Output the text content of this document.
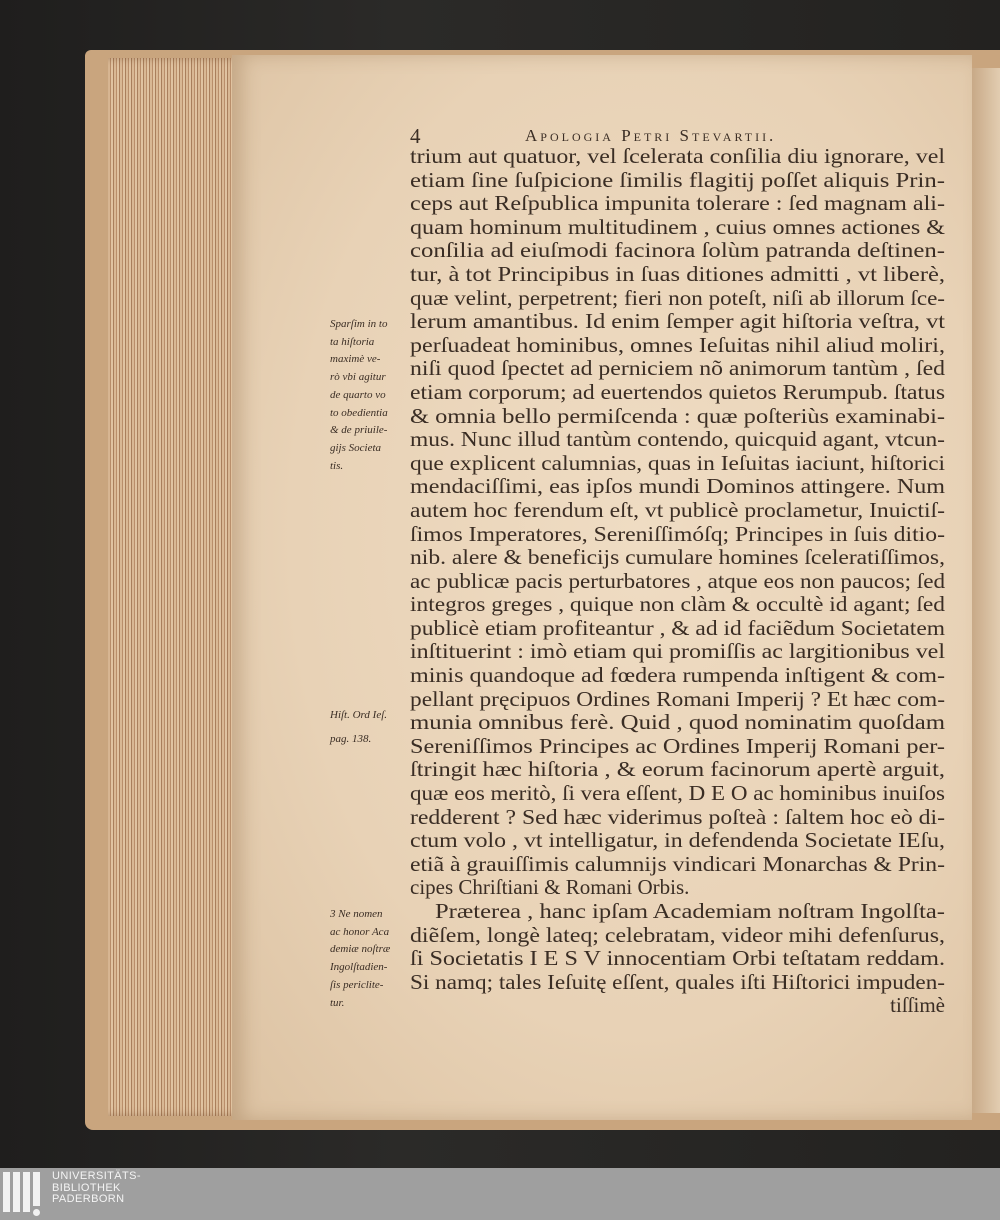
4	Apologia Petri Stevartii.
trium aut quatuor, vel ſcelerata conſilia diu ignorare, vel
etiam ſine ſuſpicione ſimilis flagitij poſſet aliquis Prin-
ceps aut Reſpublica impunita tolerare : ſed magnam ali-
quam hominum multitudinem , cuius omnes actiones &
conſilia ad eiuſmodi facinora ſolùm patranda deſtinen-
tur, à tot Principibus in ſuas ditiones admitti , vt liberè,
quæ velint, perpetrent; fieri non poteſt, niſi ab illorum ſce-
lerum amantibus. Id enim ſemper agit hiſtoria veſtra, vt
perſuadeat hominibus, omnes Ieſuitas nihil aliud moliri,
niſi quod ſpectet ad perniciem nõ animorum tantùm , ſed
etiam corporum; ad euertendos quietos Rerumpub. ſtatus
& omnia bello permiſcenda : quæ poſteriùs examinabi-
mus. Nunc illud tantùm contendo, quicquid agant, vtcun-
que explicent calumnias, quas in Ieſuitas iaciunt, hiſtorici
mendaciſſimi, eas ipſos mundi Dominos attingere. Num
autem hoc ferendum eſt, vt publicè proclametur, Inuictiſ-
ſimos Imperatores, Sereniſſimóſq; Principes in ſuis ditio-
nib. alere & beneficijs cumulare homines ſceleratiſſimos,
ac publicæ pacis perturbatores , atque eos non paucos; ſed
integros greges , quique non clàm & occultè id agant; ſed
publicè etiam profiteantur , & ad id faciẽdum Societatem
inſtituerint : imò etiam qui promiſſis ac largitionibus vel
minis quandoque ad fœdera rumpenda inſtigent & com-
pellant pręcipuos Ordines Romani Imperij ? Et hæc com-
munia omnibus ferè. Quid , quod nominatim quoſdam
Sereniſſimos Principes ac Ordines Imperij Romani per-
ſtringit hæc hiſtoria , & eorum facinorum apertè arguit,
quæ eos meritò, ſi vera eſſent, D E O ac hominibus inuiſos
redderent ? Sed hæc viderimus poſteà : ſaltem hoc eò di-
ctum volo , vt intelligatur, in defendenda Societate IEſu,
etiã à grauiſſimis calumnijs vindicari Monarchas & Prin-
cipes Chriſtiani & Romani Orbis.
Præterea , hanc ipſam Academiam noſtram Ingolſta-
diẽſem, longè lateq; celebratam, videor mihi defenſurus,
ſi Societatis I E S V innocentiam Orbi teſtatam reddam.
Si namq; tales Ieſuitę eſſent, quales iſti Hiſtorici impuden-
tiſſimè
Sparſim in to
ta hiſtoria
maximè ve-
rò vbi agitur
de quarto vo
to obedientia
& de priuile-
gijs Societa
tis.
Hiſt. Ord Ieſ.
pag. 138.
3 Ne nomen
ac honor Aca
demiæ noſtræ
Ingolſtadien-
ſis periclite-
tur.
UNIVERSITÄTS-
BIBLIOTHEK
PADERBORN
